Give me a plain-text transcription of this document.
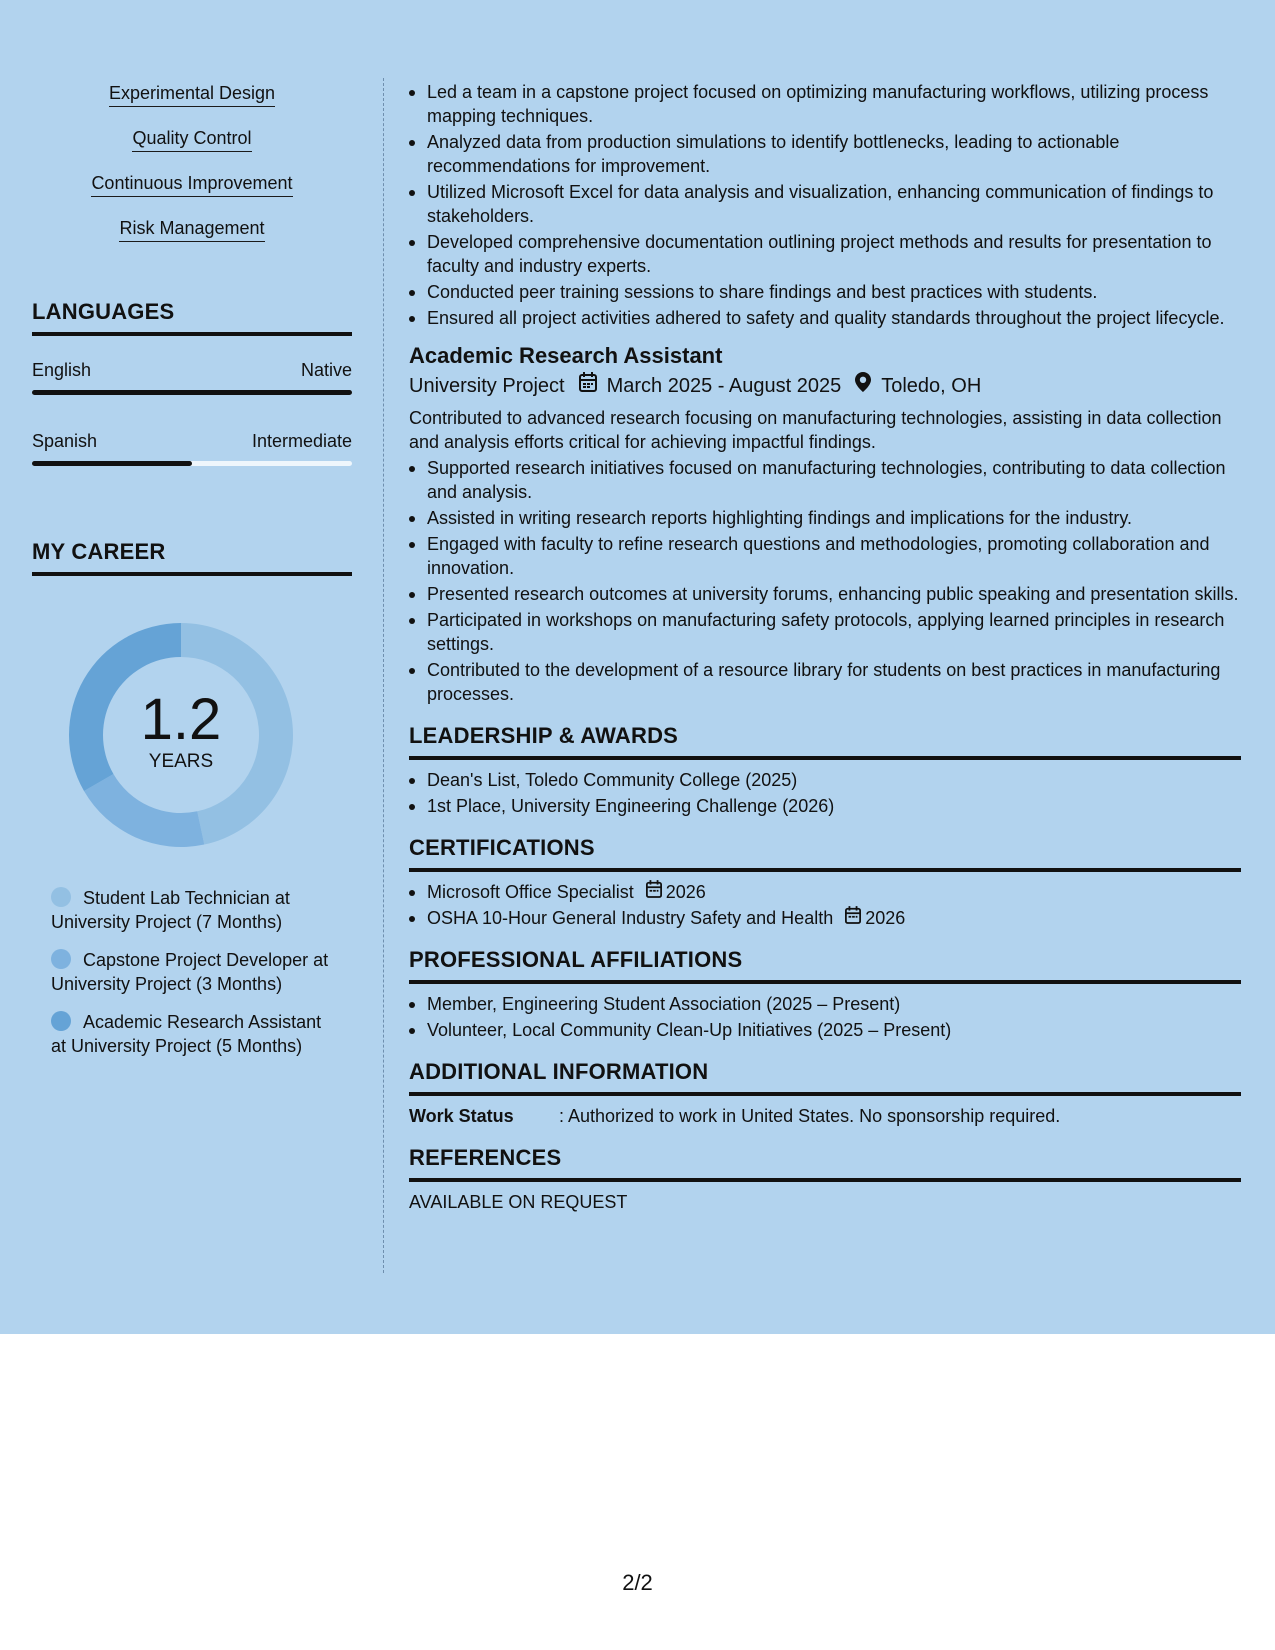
Experimental Design
Quality Control
Continuous Improvement
Risk Management
LANGUAGES
English	Native
Spanish	Intermediate
MY CAREER
1.2
YEARS
Student Lab Technician at University Project (7 Months)
Capstone Project Developer at University Project (3 Months)
Academic Research Assistant at University Project (5 Months)
Led a team in a capstone project focused on optimizing manufacturing workflows, utilizing process mapping techniques.
Analyzed data from production simulations to identify bottlenecks, leading to actionable recommendations for improvement.
Utilized Microsoft Excel for data analysis and visualization, enhancing communication of findings to stakeholders.
Developed comprehensive documentation outlining project methods and results for presentation to faculty and industry experts.
Conducted peer training sessions to share findings and best practices with students.
Ensured all project activities adhered to safety and quality standards throughout the project lifecycle.
Academic Research Assistant
University Project March 2025 - August 2025 Toledo, OH
Contributed to advanced research focusing on manufacturing technologies, assisting in data collection and analysis efforts critical for achieving impactful findings.
Supported research initiatives focused on manufacturing technologies, contributing to data collection and analysis.
Assisted in writing research reports highlighting findings and implications for the industry.
Engaged with faculty to refine research questions and methodologies, promoting collaboration and innovation.
Presented research outcomes at university forums, enhancing public speaking and presentation skills.
Participated in workshops on manufacturing safety protocols, applying learned principles in research settings.
Contributed to the development of a resource library for students on best practices in manufacturing processes.
LEADERSHIP & AWARDS
Dean's List, Toledo Community College (2025)
1st Place, University Engineering Challenge (2026)
CERTIFICATIONS
Microsoft Office Specialist 2026
OSHA 10-Hour General Industry Safety and Health 2026
PROFESSIONAL AFFILIATIONS
Member, Engineering Student Association (2025 – Present)
Volunteer, Local Community Clean-Up Initiatives (2025 – Present)
ADDITIONAL INFORMATION
Work Status	: Authorized to work in United States. No sponsorship required.
REFERENCES
AVAILABLE ON REQUEST
2/2
